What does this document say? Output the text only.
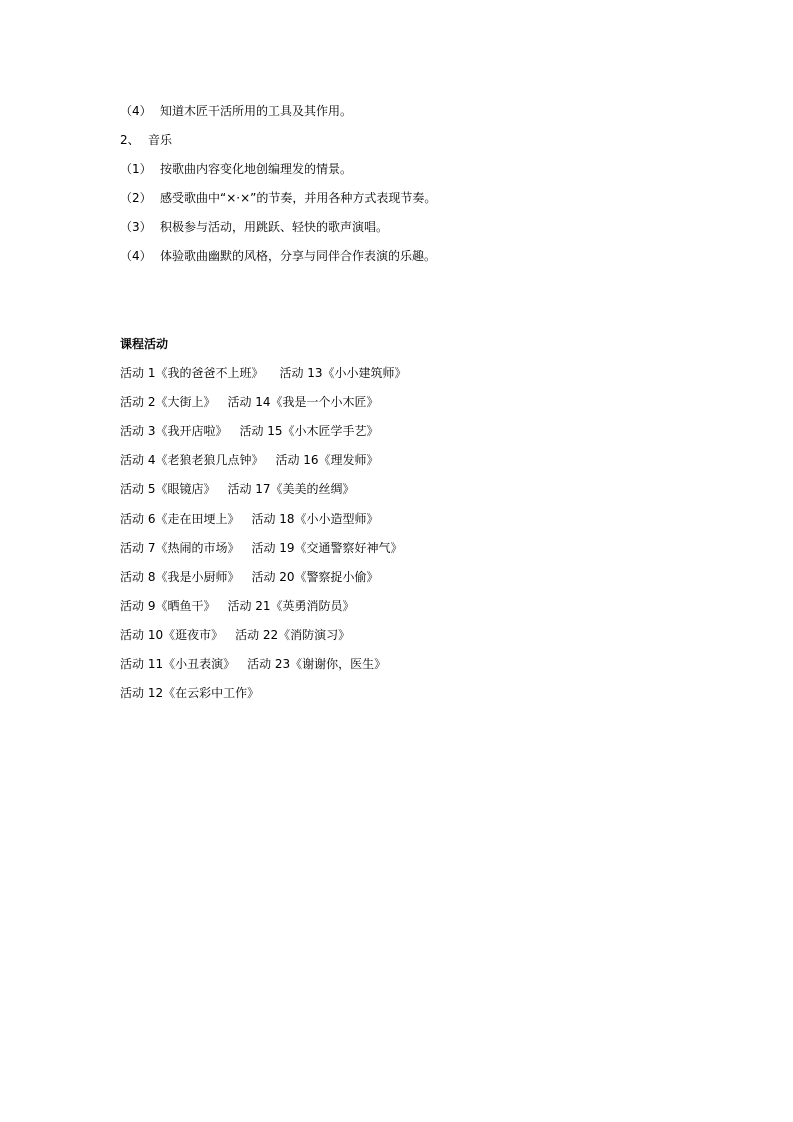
（4） 知道木匠干活所用的工具及其作用。
2、 音乐
（1） 按歌曲内容变化地创编理发的情景。
（2） 感受歌曲中“×·×”的节奏，并用各种方式表现节奏。
（3） 积极参与活动，用跳跃、轻快的歌声演唱。
（4） 体验歌曲幽默的风格，分享与同伴合作表演的乐趣。
课程活动
活动 1《我的爸爸不上班》 活动 13《小小建筑师》
活动 2《大街上》 活动 14《我是一个小木匠》
活动 3《我开店啦》 活动 15《小木匠学手艺》
活动 4《老狼老狼几点钟》 活动 16《理发师》
活动 5《眼镜店》 活动 17《美美的丝绸》
活动 6《走在田埂上》 活动 18《小小造型师》
活动 7《热闹的市场》 活动 19《交通警察好神气》
活动 8《我是小厨师》 活动 20《警察捉小偷》
活动 9《晒鱼干》 活动 21《英勇消防员》
活动 10《逛夜市》 活动 22《消防演习》
活动 11《小丑表演》 活动 23《谢谢你，医生》
活动 12《在云彩中工作》
